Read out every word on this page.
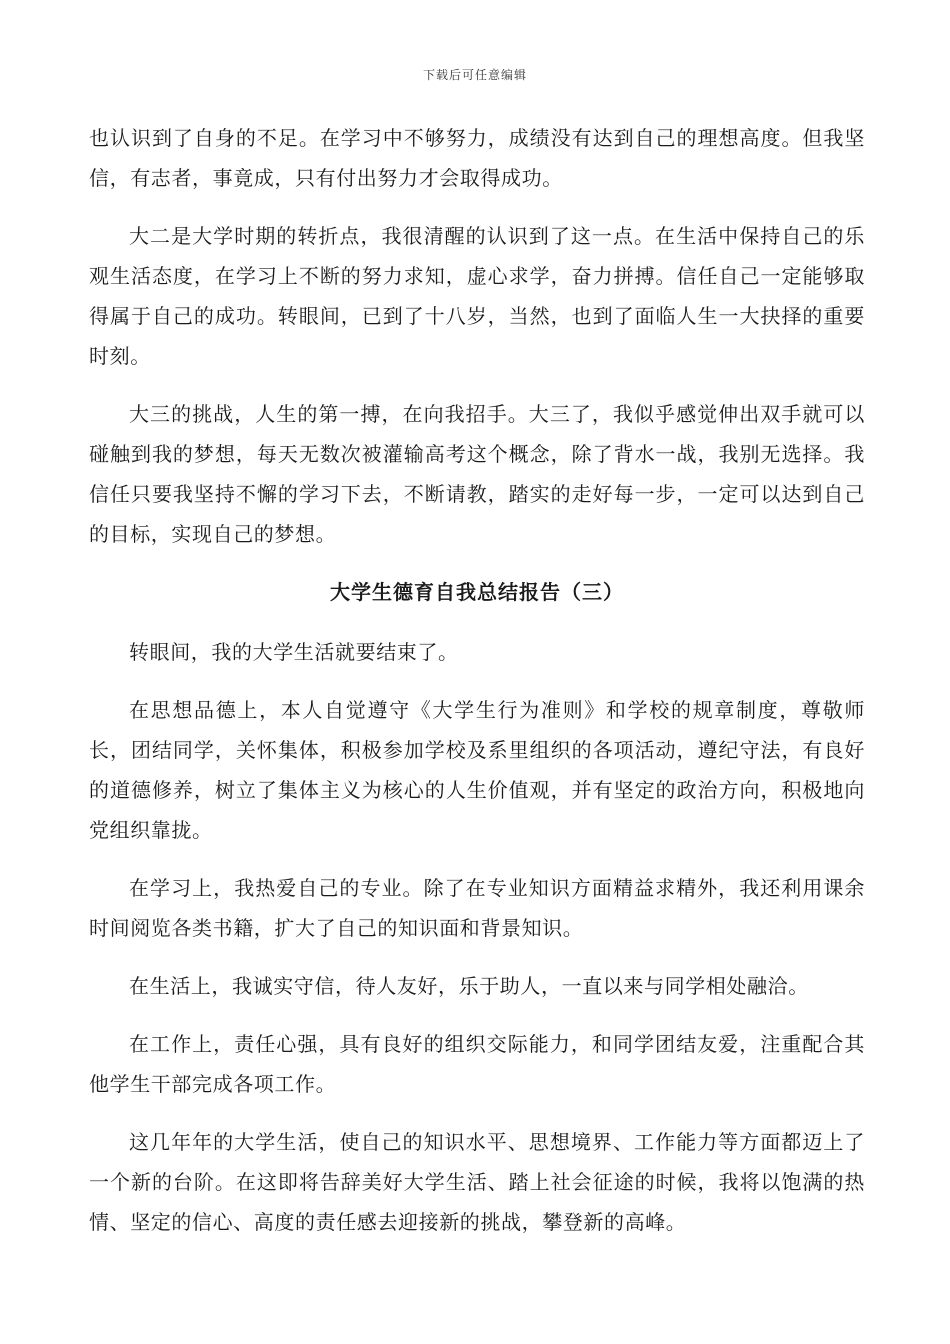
下载后可任意编辑

也认识到了自身的不足。在学习中不够努力，成绩没有达到自己的理想高度。但我坚信，有志者，事竟成，只有付出努力才会取得成功。

大二是大学时期的转折点，我很清醒的认识到了这一点。在生活中保持自己的乐观生活态度，在学习上不断的努力求知，虚心求学，奋力拼搏。信任自己一定能够取得属于自己的成功。转眼间，已到了十八岁，当然，也到了面临人生一大抉择的重要时刻。

大三的挑战，人生的第一搏，在向我招手。大三了，我似乎感觉伸出双手就可以碰触到我的梦想，每天无数次被灌输高考这个概念，除了背水一战，我别无选择。我信任只要我坚持不懈的学习下去，不断请教，踏实的走好每一步，一定可以达到自己的目标，实现自己的梦想。

大学生德育自我总结报告（三）

转眼间，我的大学生活就要结束了。

在思想品德上，本人自觉遵守《大学生行为准则》和学校的规章制度，尊敬师长，团结同学，关怀集体，积极参加学校及系里组织的各项活动，遵纪守法，有良好的道德修养，树立了集体主义为核心的人生价值观，并有坚定的政治方向，积极地向党组织靠拢。

在学习上，我热爱自己的专业。除了在专业知识方面精益求精外，我还利用课余时间阅览各类书籍，扩大了自己的知识面和背景知识。

在生活上，我诚实守信，待人友好，乐于助人，一直以来与同学相处融洽。

在工作上，责任心强，具有良好的组织交际能力，和同学团结友爱，注重配合其他学生干部完成各项工作。

这几年年的大学生活，使自己的知识水平、思想境界、工作能力等方面都迈上了一个新的台阶。在这即将告辞美好大学生活、踏上社会征途的时候，我将以饱满的热情、坚定的信心、高度的责任感去迎接新的挑战，攀登新的高峰。
